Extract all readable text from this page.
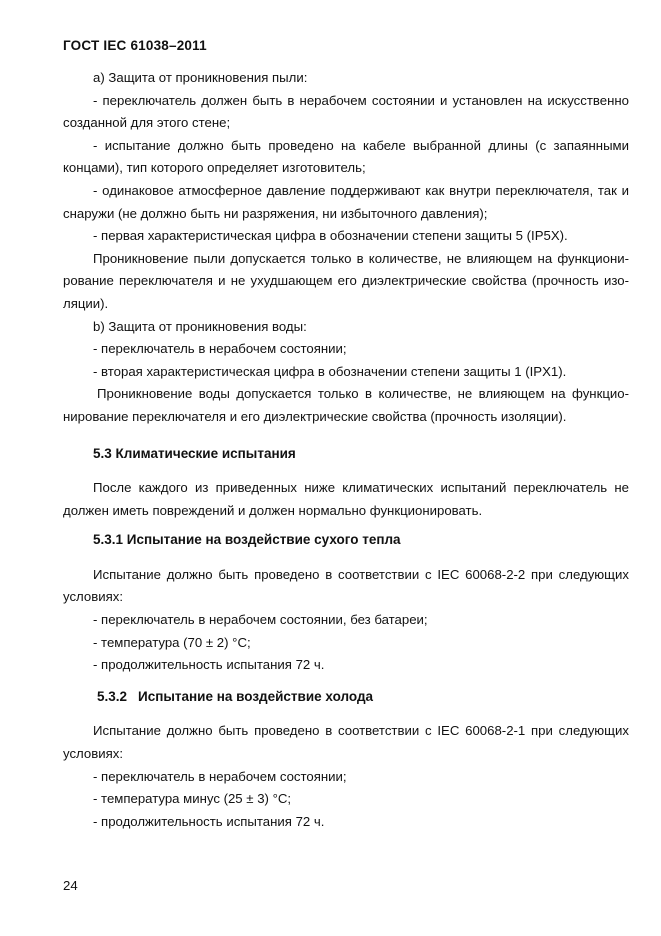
ГОСТ IEC 61038–2011

a) Защита от проникновения пыли:

- переключатель должен быть в нерабочем состоянии и установлен на искусственно созданной для этого стене;

- испытание должно быть проведено на кабеле выбранной длины (с запаянными концами), тип которого определяет изготовитель;

- одинаковое атмосферное давление поддерживают как внутри переключателя, так и снаружи (не должно быть ни разряжения, ни избыточного давления);

- первая характеристическая цифра в обозначении степени защиты 5 (IP5X).

Проникновение пыли допускается только в количестве, не влияющем на функциони-рование переключателя и не ухудшающем его диэлектрические свойства (прочность изо-ляции).

b) Защита от проникновения воды:

- переключатель в нерабочем состоянии;

- вторая характеристическая цифра в обозначении степени защиты 1 (IPX1).

Проникновение воды допускается только в количестве, не влияющем на функцио-нирование переключателя и его диэлектрические свойства (прочность изоляции).

5.3 Климатические испытания

После каждого из приведенных ниже климатических испытаний переключатель не должен иметь повреждений и должен нормально функционировать.

5.3.1 Испытание на воздействие сухого тепла

Испытание должно быть проведено в соответствии с IEC 60068-2-2 при следующих условиях:

- переключатель в нерабочем состоянии, без батареи;

- температура (70 ± 2) °С;

- продолжительность испытания 72 ч.

5.3.2 Испытание на воздействие холода

Испытание должно быть проведено в соответствии с IEC 60068-2-1 при следующих условиях:

- переключатель в нерабочем состоянии;

- температура минус (25 ± 3) °С;

- продолжительность испытания 72 ч.

24
